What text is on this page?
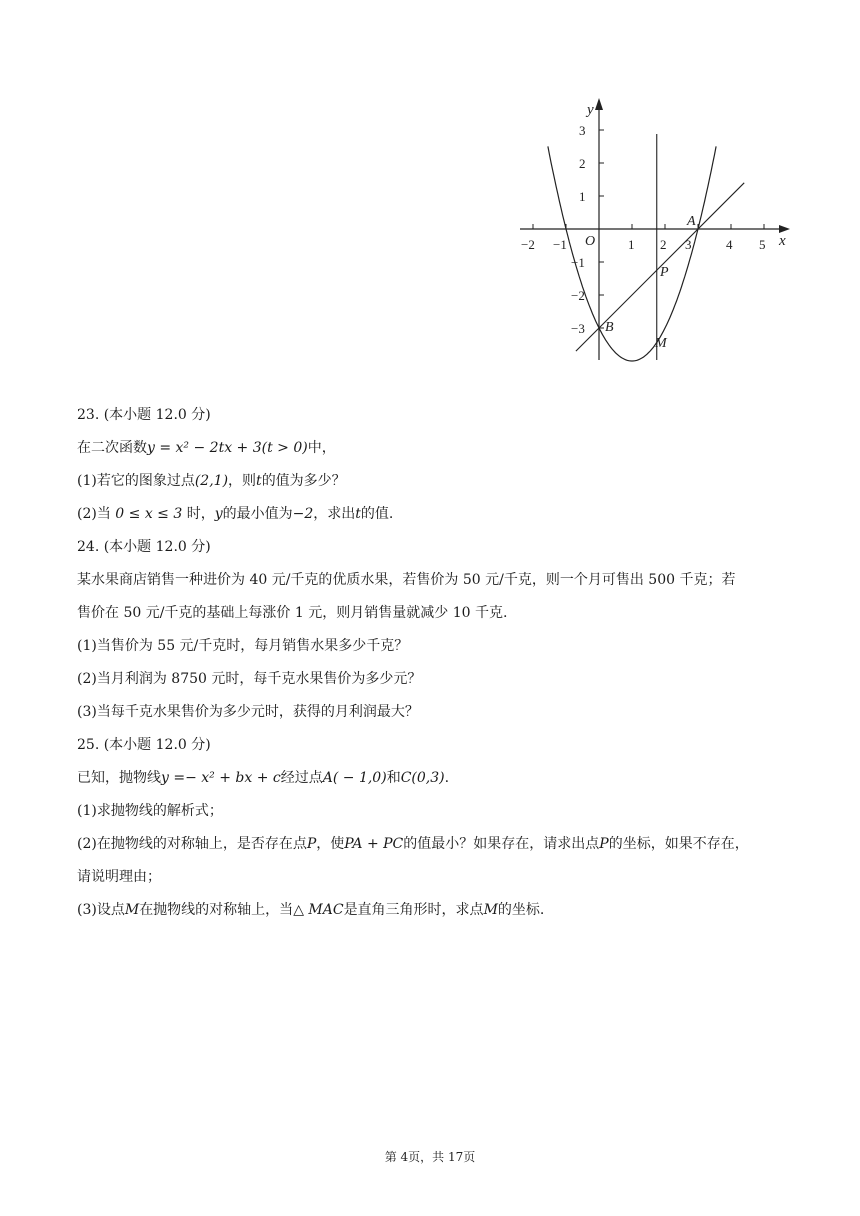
x
y
−2 −1	1 2 3	4 5
3
2
1
−1
−2
−3
O
A
B
P
M

23. (本小题 12.0 分)

在二次函数y = x² − 2tx + 3(t > 0)中，

(1)若它的图象过点(2,1)，则t的值为多少？

(2)当 0 ≤ x ≤ 3 时，y的最小值为−2，求出t的值.

24. (本小题 12.0 分)

某水果商店销售一种进价为 40 元/千克的优质水果，若售价为 50 元/千克，则一个月可售出 500 千克；若

售价在 50 元/千克的基础上每涨价 1 元，则月销售量就减少 10 千克.

(1)当售价为 55 元/千克时，每月销售水果多少千克？

(2)当月利润为 8750 元时，每千克水果售价为多少元？

(3)当每千克水果售价为多少元时，获得的月利润最大？

25. (本小题 12.0 分)

已知，抛物线y =− x² + bx + c经过点A( − 1,0)和C(0,3).

(1)求抛物线的解析式；

(2)在抛物线的对称轴上，是否存在点P，使PA + PC的值最小？如果存在，请求出点P的坐标，如果不存在，

请说明理由；

(3)设点M在抛物线的对称轴上，当△ MAC是直角三角形时，求点M的坐标.

第 4页，共 17页
